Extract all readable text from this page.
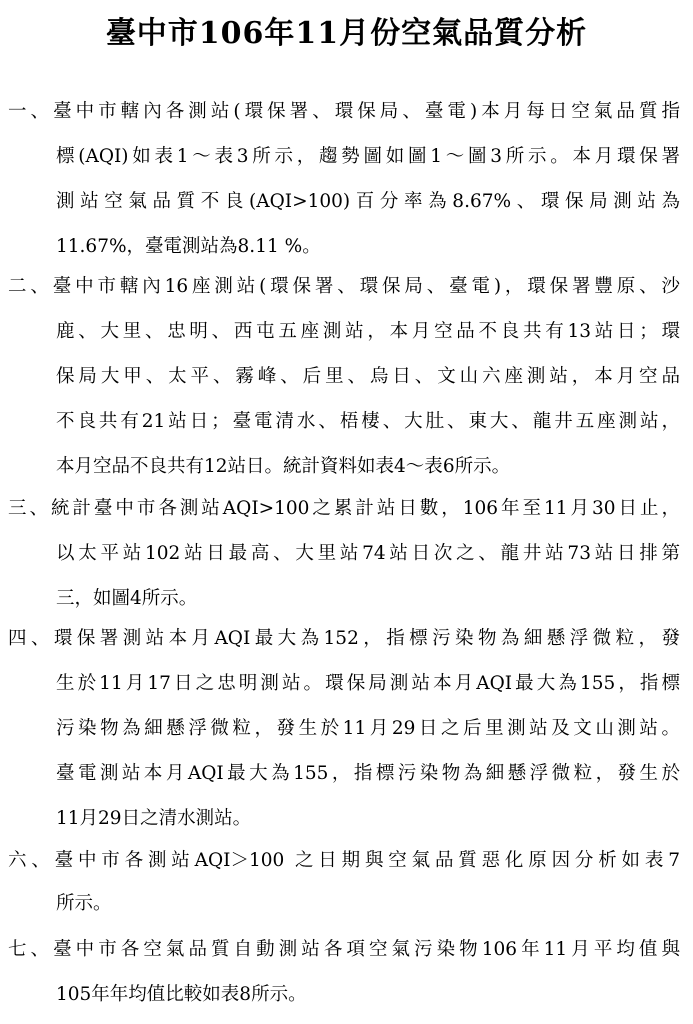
臺中市106年11月份空氣品質分析
一、臺中市轄內各測站(環保署、環保局、臺電)本月每日空氣品質指
標(AQI)如表1～表3所示，趨勢圖如圖1～圖3所示。本月環保署
測站空氣品質不良(AQI>100)百分率為8.67%、環保局測站為
11.67%，臺電測站為8.11 %。
二、臺中市轄內16座測站(環保署、環保局、臺電)，環保署豐原、沙
鹿、大里、忠明、西屯五座測站，本月空品不良共有13站日；環
保局大甲、太平、霧峰、后里、烏日、文山六座測站，本月空品
不良共有21站日；臺電清水、梧棲、大肚、東大、龍井五座測站，
本月空品不良共有12站日。統計資料如表4～表6所示。
三、統計臺中市各測站AQI>100之累計站日數，106年至11月30日止，
以太平站102站日最高、大里站74站日次之、龍井站73站日排第
三，如圖4所示。
四、環保署測站本月AQI最大為152，指標污染物為細懸浮微粒，發
生於11月17日之忠明測站。環保局測站本月AQI最大為155，指標
污染物為細懸浮微粒，發生於11月29日之后里測站及文山測站。
臺電測站本月AQI最大為155，指標污染物為細懸浮微粒，發生於
11月29日之清水測站。
六、臺中市各測站AQI＞100 之日期與空氣品質惡化原因分析如表7
所示。
七、臺中市各空氣品質自動測站各項空氣污染物106年11月平均值與
105年年均值比較如表8所示。
